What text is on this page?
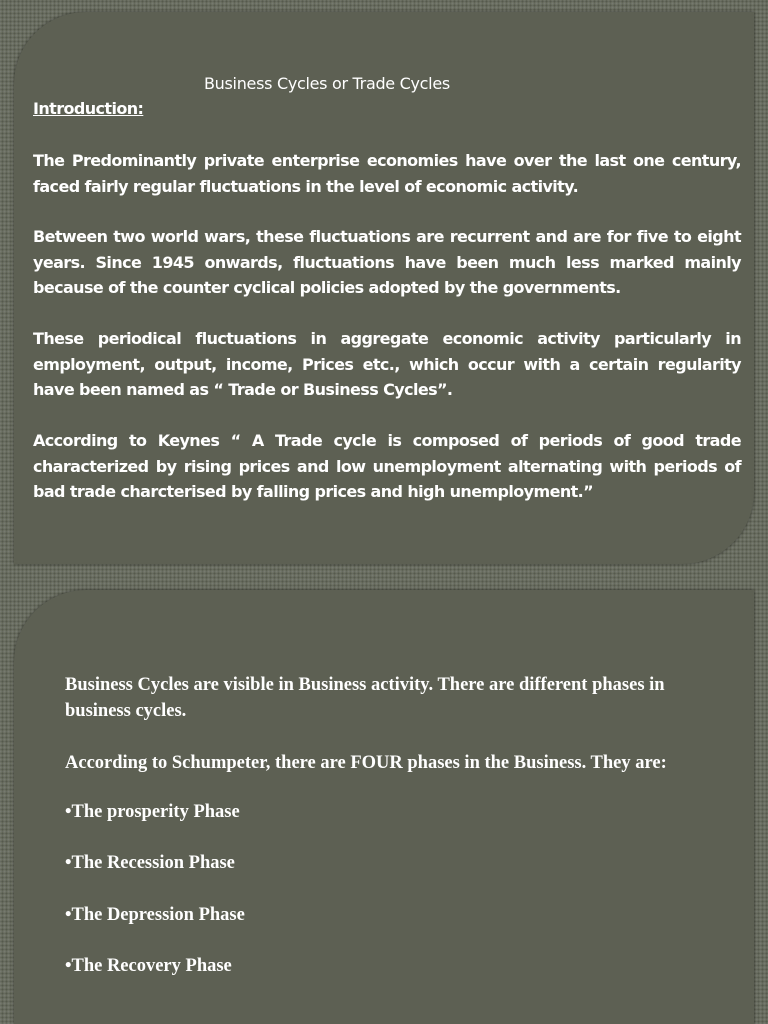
Business Cycles or Trade Cycles
Introduction:

The Predominantly private enterprise economies have over the last one century, faced fairly regular fluctuations in the level of economic activity.

Between two world wars, these fluctuations are recurrent and are for five to eight years. Since 1945 onwards, fluctuations have been much less marked mainly because of the counter cyclical policies adopted by the governments.

These periodical fluctuations in aggregate economic activity particularly in employment, output, income, Prices etc., which occur with a certain regularity have been named as “ Trade or Business Cycles”.

According to Keynes “ A Trade cycle is composed of periods of good trade characterized by rising prices and low unemployment alternating with periods of bad trade charcterised by falling prices and high unemployment.”

Business Cycles are visible in Business activity. There are different phases in
business cycles.

According to Schumpeter, there are FOUR phases in the Business. They are:

•The prosperity Phase

•The Recession Phase

•The Depression Phase

•The Recovery Phase
